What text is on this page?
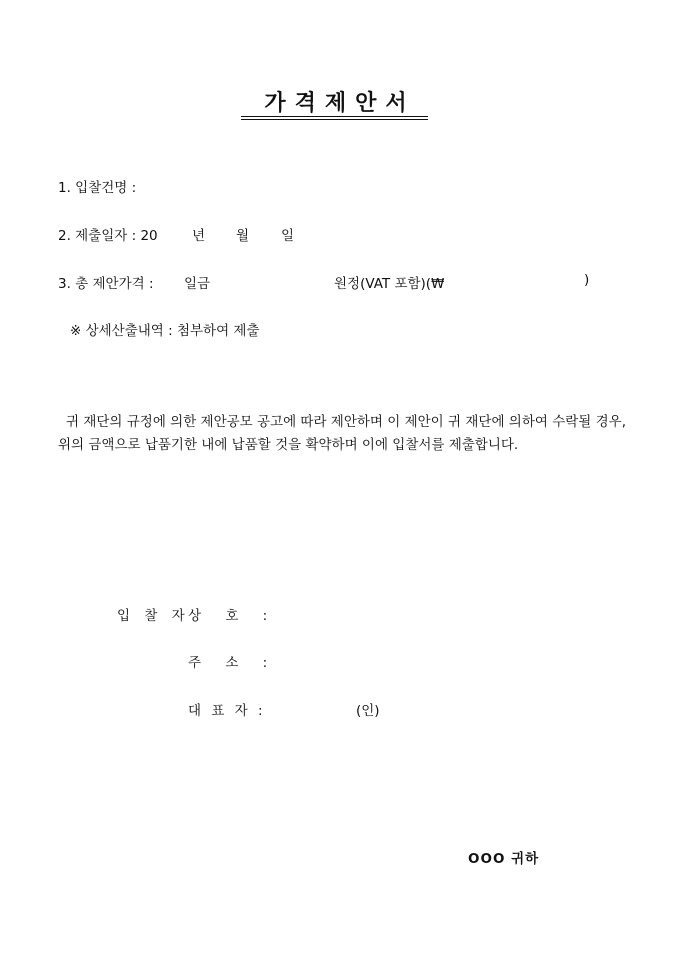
가격제안서
1. 입찰건명 :
2. 제출일자 : 20	년 월 일
3. 총 제안가격 : 일금	원정(VAT 포함)(₩	)
※ 상세산출내역 : 첨부하여 제출
귀 재단의 규정에 의한 제안공모 공고에 따라 제안하며 이 제안이 귀 재단에 의하여 수락될 경우, 위의 금액으로 납품기한 내에 납품할 것을 확약하며 이에 입찰서를 제출합니다.
입 찰 자
상 호 :
주 소 :
대 표 자 :	(인)
OOO 귀하
